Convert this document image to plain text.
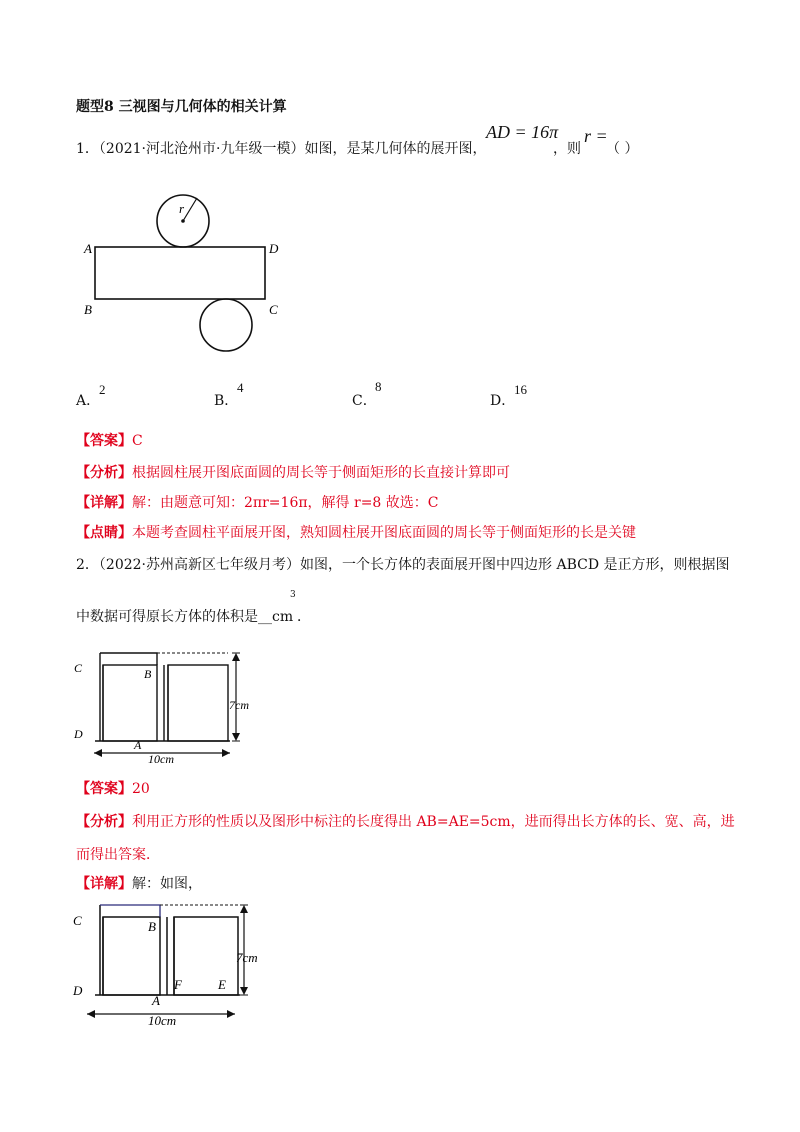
题型8 三视图与几何体的相关计算
1．（2021·河北沧州市·九年级一模）如图，是某几何体的展开图，
AD = 16π
，则
r =
（ ）
r
A	D
B	C
A．
2
B．
4
C．
8
D．
16
【答案】C
【分析】根据圆柱展开图底面圆的周长等于侧面矩形的长直接计算即可
【详解】解：由题意可知：2πr=16π，解得 r=8 故选：C
【点睛】本题考查圆柱平面展开图，熟知圆柱展开图底面圆的周长等于侧面矩形的长是关键
2．（2022·苏州高新区七年级月考）如图，一个长方体的表面展开图中四边形 ABCD 是正方形，则根据图
中数据可得原长方体的体积是__cm
3
．
C	B
D
A
7cm
10cm
【答案】20
【分析】利用正方形的性质以及图形中标注的长度得出 AB=AE=5cm，进而得出长方体的长、宽、高，进
而得出答案．
【详解】解：如图，
C	B
D
A
F	E
7cm
10cm
